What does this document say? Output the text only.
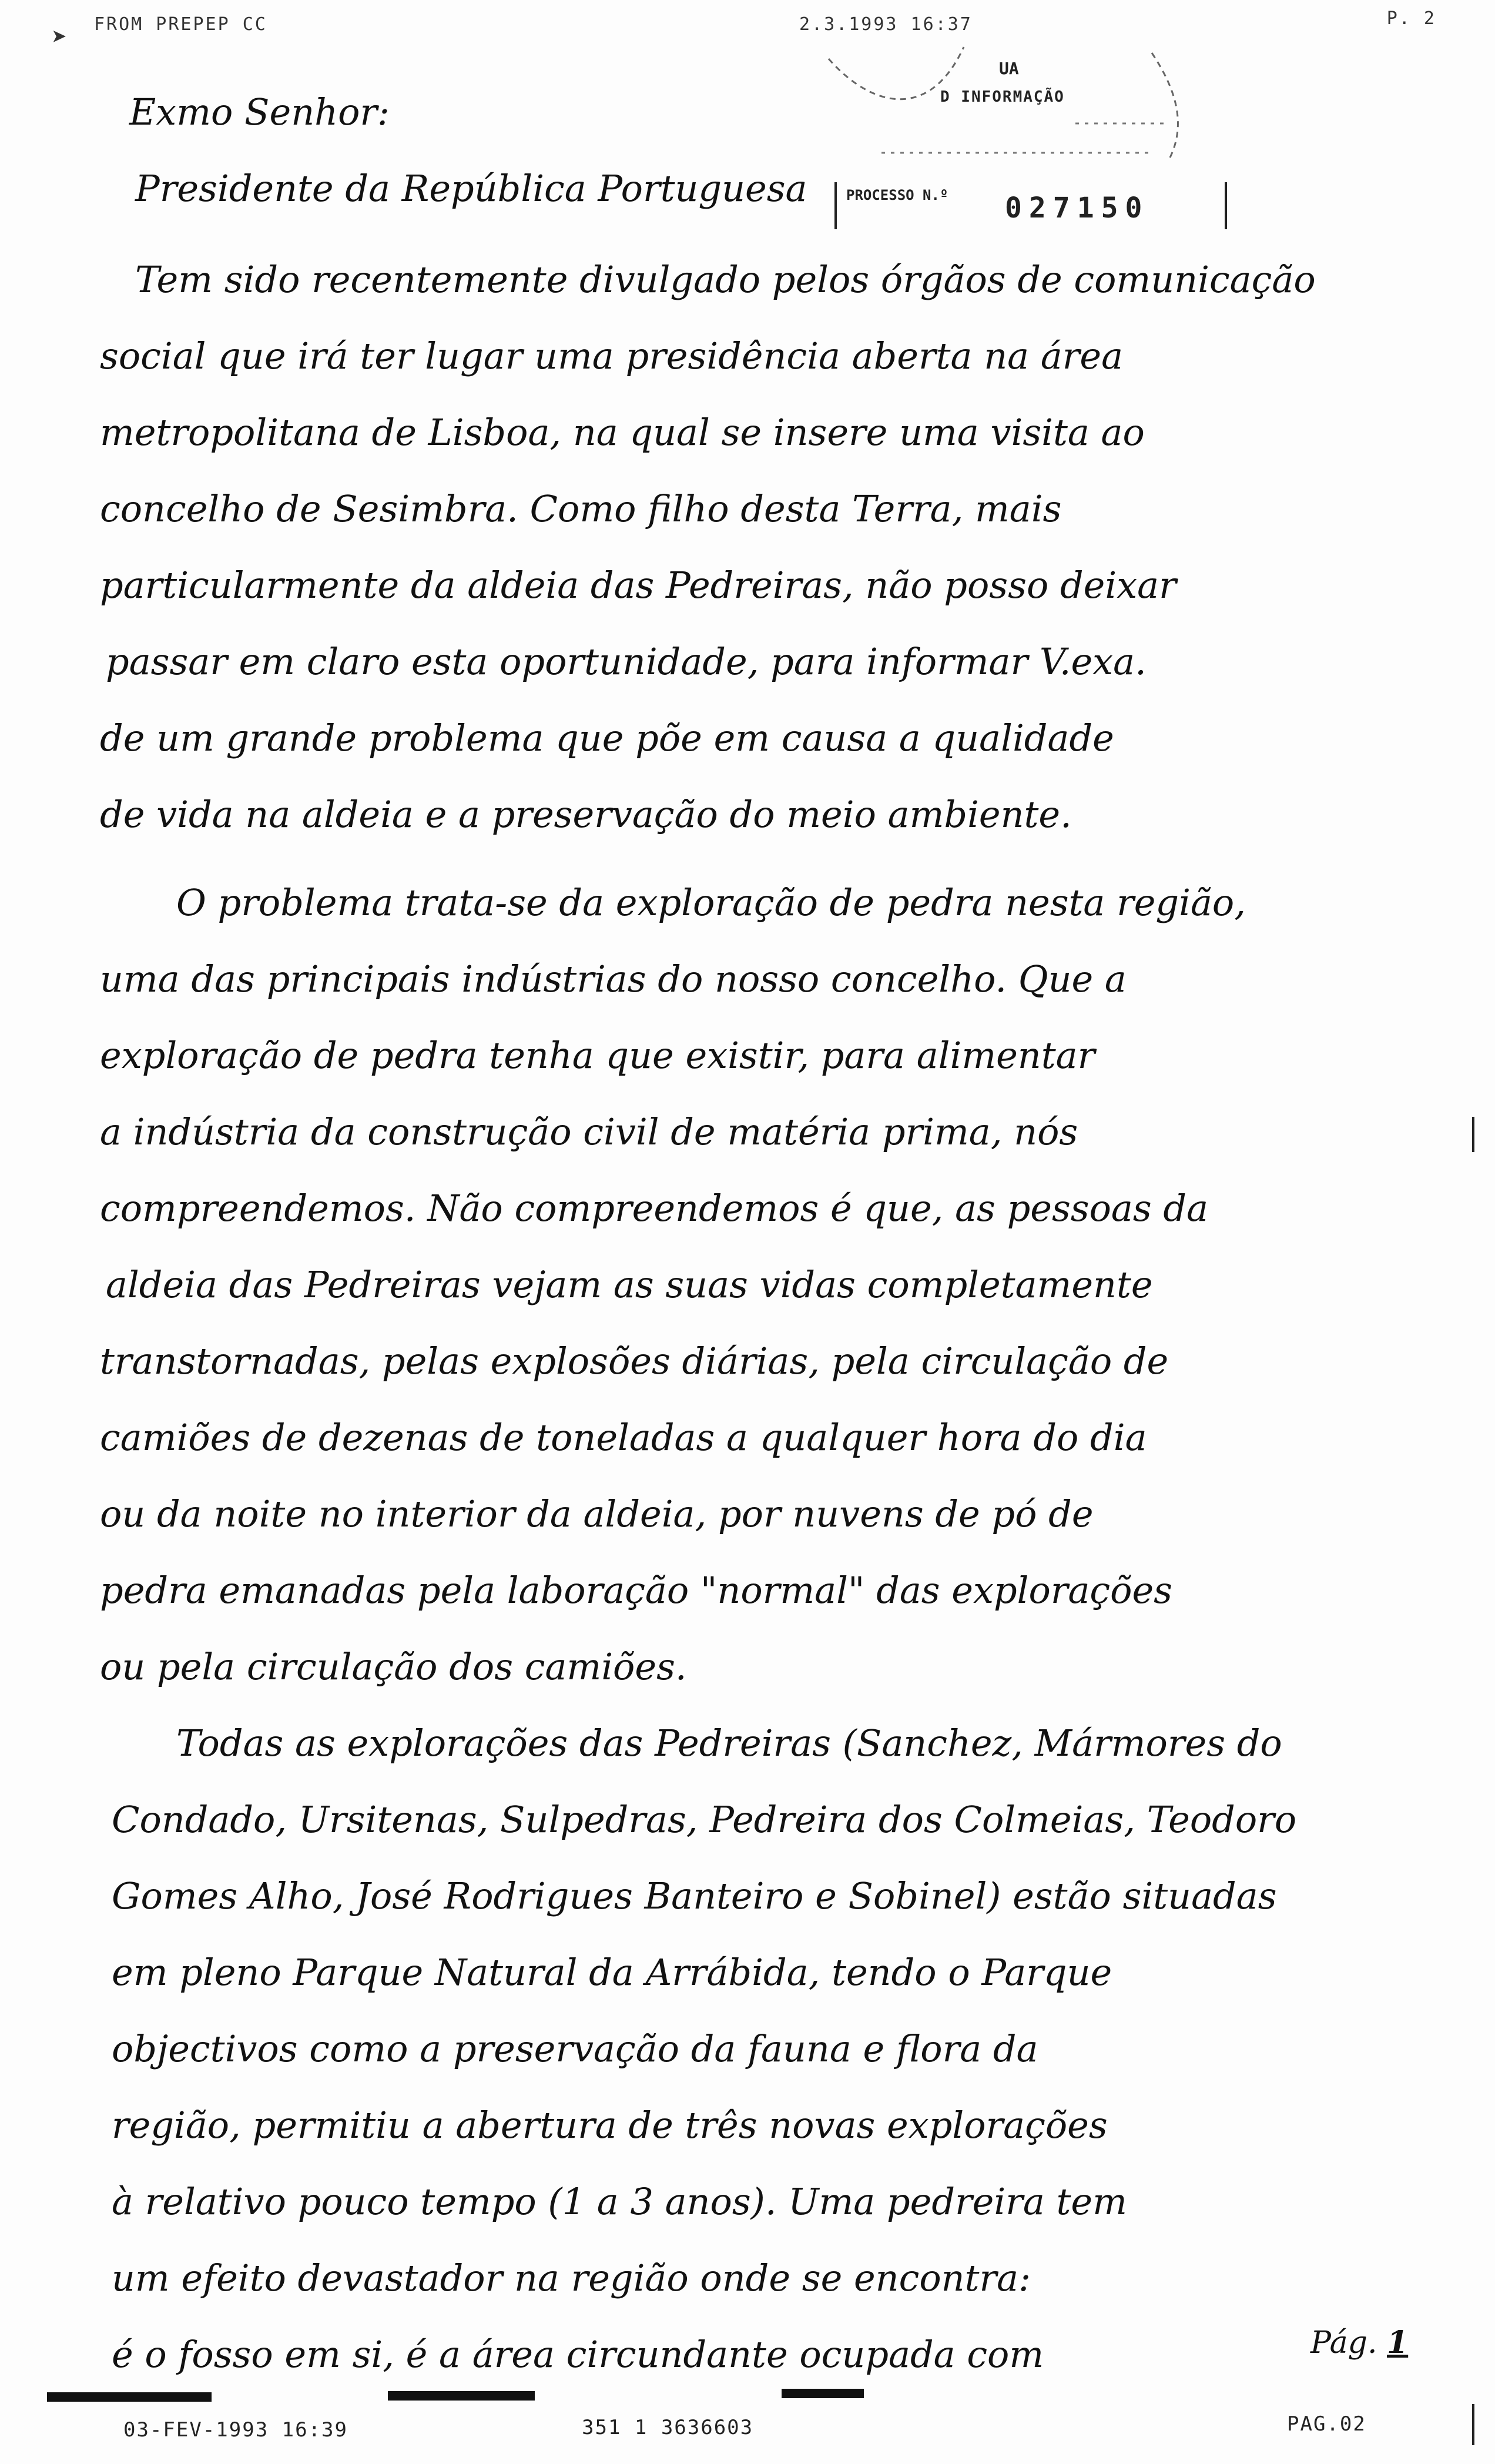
➤ FROM PREPEP CC	2.3.1993 16:37	P. 2
UA
D INFORMAÇÃO
PROCESSO N.º 027150
Exmo Senhor:
Presidente da República Portuguesa
Tem sido recentemente divulgado pelos órgãos de comunicação
social que irá ter lugar uma presidência aberta na área
metropolitana de Lisboa, na qual se insere uma visita ao
concelho de Sesimbra. Como filho desta Terra, mais
particularmente da aldeia das Pedreiras, não posso deixar
passar em claro esta oportunidade, para informar V.exa.
de um grande problema que põe em causa a qualidade
de vida na aldeia e a preservação do meio ambiente.
O problema trata-se da exploração de pedra nesta região,
uma das principais indústrias do nosso concelho. Que a
exploração de pedra tenha que existir, para alimentar
a indústria da construção civil de matéria prima, nós
compreendemos. Não compreendemos é que, as pessoas da
aldeia das Pedreiras vejam as suas vidas completamente
transtornadas, pelas explosões diárias, pela circulação de
camiões de dezenas de toneladas a qualquer hora do dia
ou da noite no interior da aldeia, por nuvens de pó de
pedra emanadas pela laboração "normal" das explorações
ou pela circulação dos camiões.
Todas as explorações das Pedreiras (Sanchez, Mármores do
Condado, Ursitenas, Sulpedras, Pedreira dos Colmeias, Teodoro
Gomes Alho, José Rodrigues Banteiro e Sobinel) estão situadas
em pleno Parque Natural da Arrábida, tendo o Parque
objectivos como a preservação da fauna e flora da
região, permitiu a abertura de três novas explorações
à relativo pouco tempo (1 a 3 anos). Uma pedreira tem
um efeito devastador na região onde se encontra:
é o fosso em si, é a área circundante ocupada com	Pág. 1
03-FEV-1993 16:39	351 1 3636603	PAG.02
